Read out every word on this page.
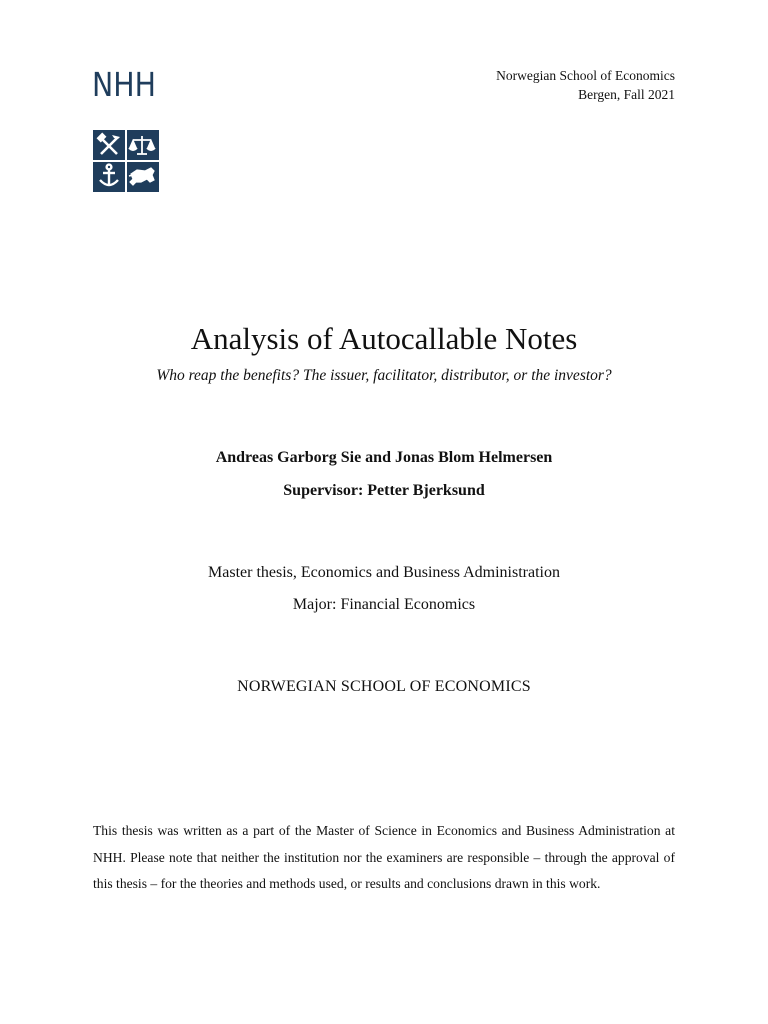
NHH	Norwegian School of Economics
Bergen, Fall 2021
Analysis of Autocallable Notes
Who reap the benefits? The issuer, facilitator, distributor, or the investor?
Andreas Garborg Sie and Jonas Blom Helmersen
Supervisor: Petter Bjerksund
Master thesis, Economics and Business Administration
Major: Financial Economics
NORWEGIAN SCHOOL OF ECONOMICS
This thesis was written as a part of the Master of Science in Economics and Business Administration at NHH. Please note that neither the institution nor the examiners are responsible – through the approval of this thesis – for the theories and methods used, or results and conclusions drawn in this work.
